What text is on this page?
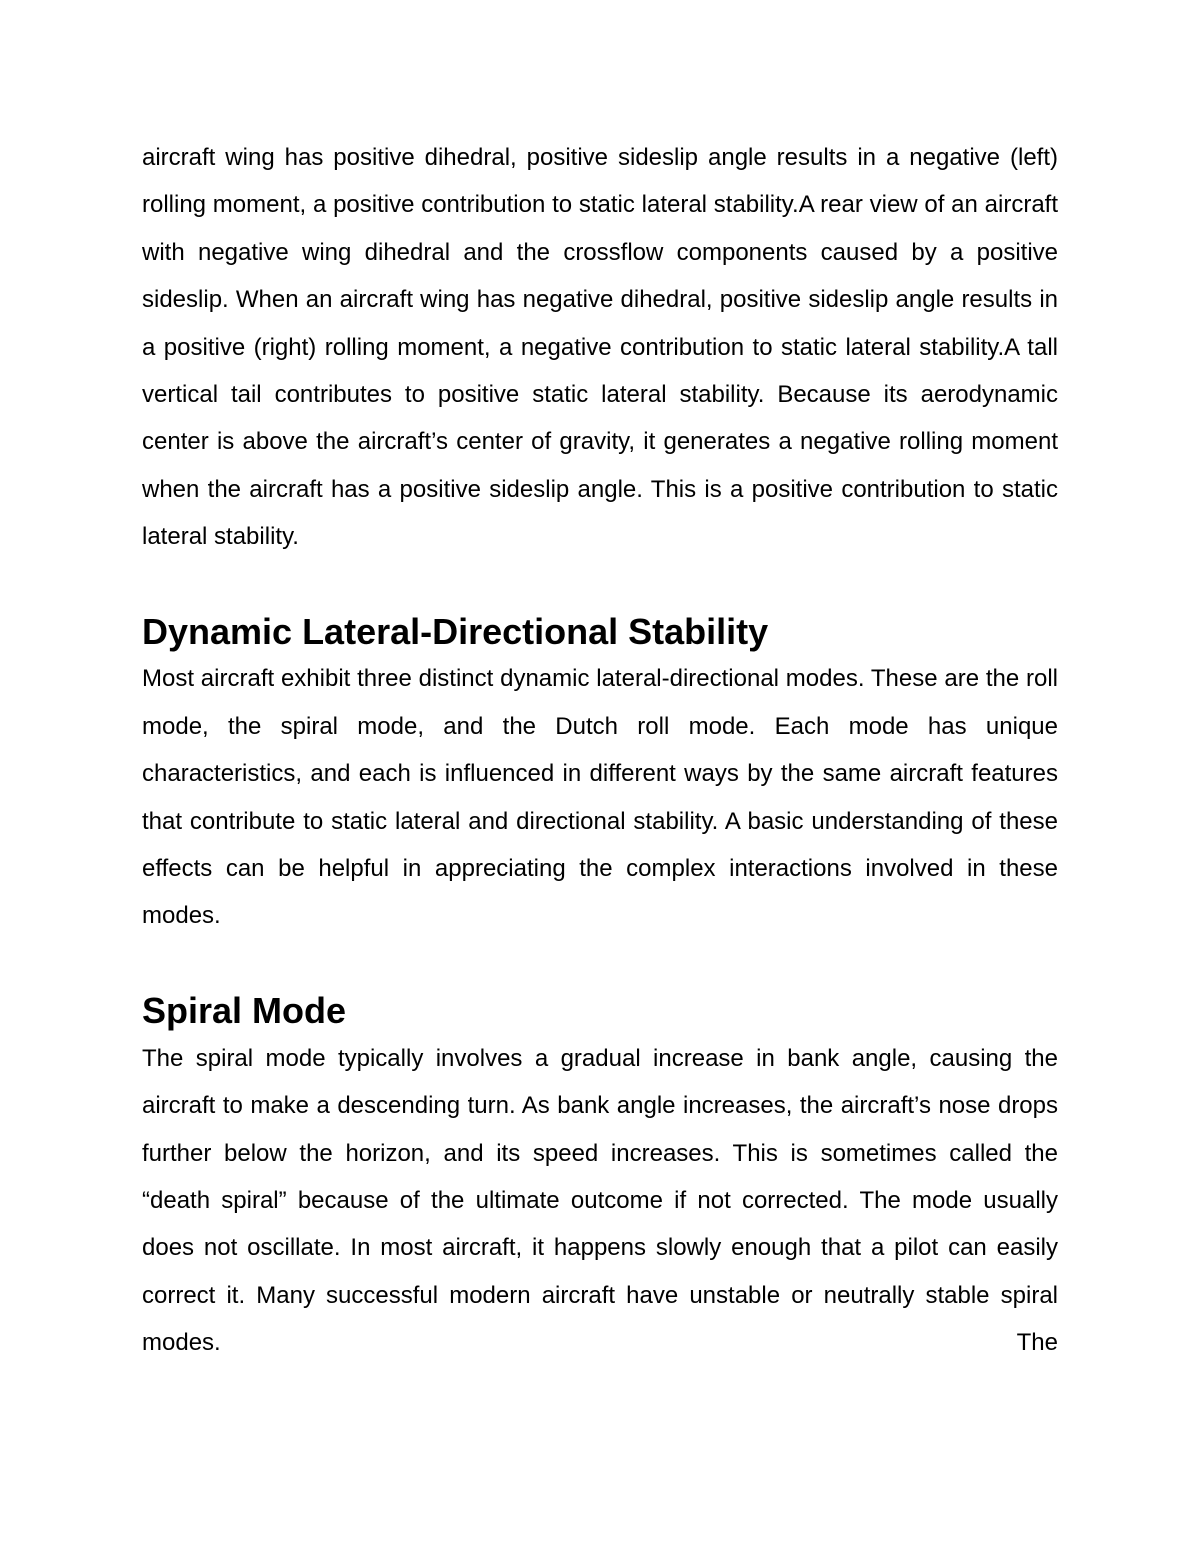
aircraft wing has positive dihedral, positive sideslip angle results in a negative (left) rolling moment, a positive contribution to static lateral stability.A rear view of an aircraft with negative wing dihedral and the crossflow components caused by a positive sideslip. When an aircraft wing has negative dihedral, positive sideslip angle results in a positive (right) rolling moment, a negative contribution to static lateral stability.A tall vertical tail contributes to positive static lateral stability. Because its aerodynamic center is above the aircraft’s center of gravity, it generates a negative rolling moment when the aircraft has a positive sideslip angle. This is a positive contribution to static lateral stability.

Dynamic Lateral-Directional Stability

Most aircraft exhibit three distinct dynamic lateral-directional modes. These are the roll mode, the spiral mode, and the Dutch roll mode. Each mode has unique characteristics, and each is influenced in different ways by the same aircraft features that contribute to static lateral and directional stability. A basic understanding of these effects can be helpful in appreciating the complex interactions involved in these modes.

Spiral Mode

The spiral mode typically involves a gradual increase in bank angle, causing the aircraft to make a descending turn. As bank angle increases, the aircraft’s nose drops further below the horizon, and its speed increases. This is sometimes called the “death spiral” because of the ultimate outcome if not corrected. The mode usually does not oscillate. In most aircraft, it happens slowly enough that a pilot can easily correct it. Many successful modern aircraft have unstable or neutrally stable spiral modes. The
